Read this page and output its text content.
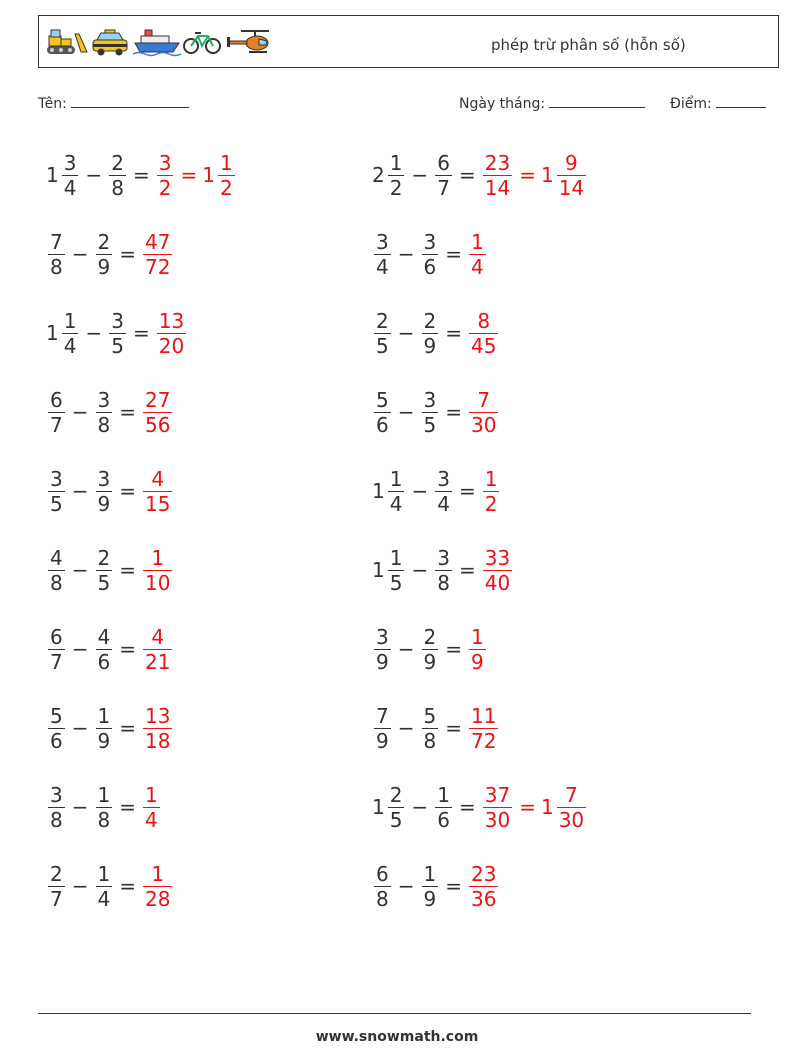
phép trừ phân số (hỗn số)
Tên:	Ngày tháng:	Điểm:
$1 \frac{3}{4} - \frac{2}{8} = \frac{3}{2} = 1 \frac{1}{2}$
$\frac{7}{8} - \frac{2}{9} = \frac{47}{72}$
$1 \frac{1}{4} - \frac{3}{5} = \frac{13}{20}$
$\frac{6}{7} - \frac{3}{8} = \frac{27}{56}$
$\frac{3}{5} - \frac{3}{9} = \frac{4}{15}$
$\frac{4}{8} - \frac{2}{5} = \frac{1}{10}$
$\frac{6}{7} - \frac{4}{6} = \frac{4}{21}$
$\frac{5}{6} - \frac{1}{9} = \frac{13}{18}$
$\frac{3}{8} - \frac{1}{8} = \frac{1}{4}$
$\frac{2}{7} - \frac{1}{4} = \frac{1}{28}$
$2 \frac{1}{2} - \frac{6}{7} = \frac{23}{14} = 1 \frac{9}{14}$
$\frac{3}{4} - \frac{3}{6} = \frac{1}{4}$
$\frac{2}{5} - \frac{2}{9} = \frac{8}{45}$
$\frac{5}{6} - \frac{3}{5} = \frac{7}{30}$
$1 \frac{1}{4} - \frac{3}{4} = \frac{1}{2}$
$1 \frac{1}{5} - \frac{3}{8} = \frac{33}{40}$
$\frac{3}{9} - \frac{2}{9} = \frac{1}{9}$
$\frac{7}{9} - \frac{5}{8} = \frac{11}{72}$
$1 \frac{2}{5} - \frac{1}{6} = \frac{37}{30} = 1 \frac{7}{30}$
$\frac{6}{8} - \frac{1}{9} = \frac{23}{36}$
www.snowmath.com
